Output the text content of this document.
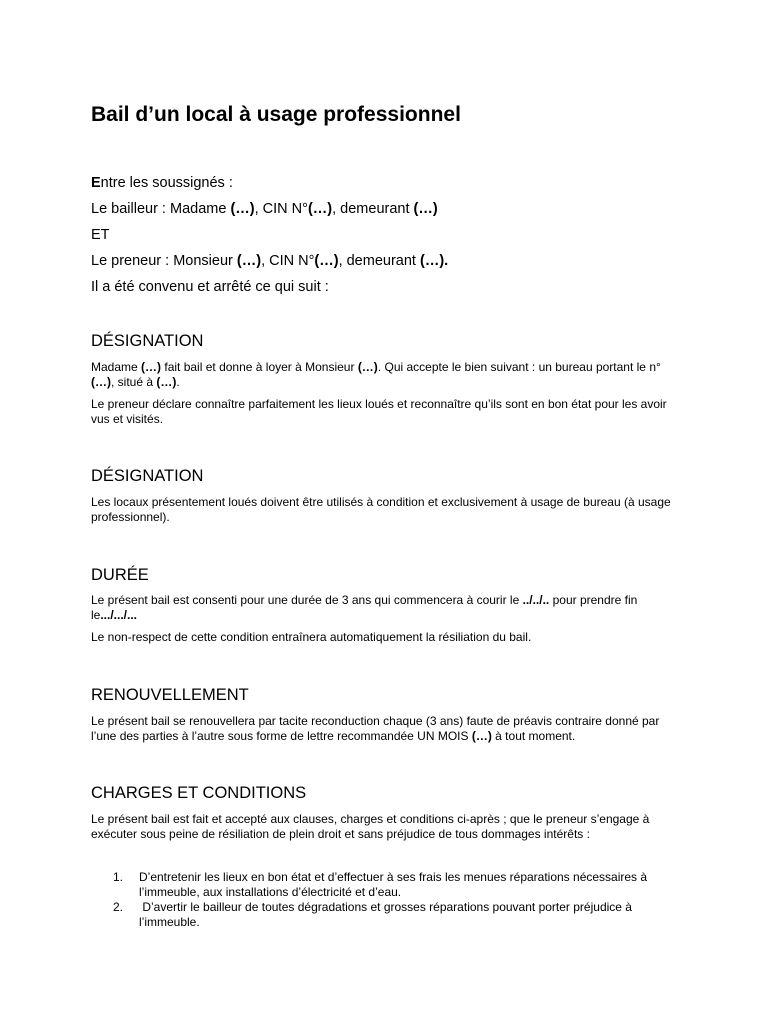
Bail d’un local à usage professionnel

Entre les soussignés :

Le bailleur : Madame (…), CIN N°(…), demeurant (…)

ET

Le preneur : Monsieur (…), CIN N°(…), demeurant (…).

Il a été convenu et arrêté ce qui suit :

DÉSIGNATION

Madame (…) fait bail et donne à loyer à Monsieur (…). Qui accepte le bien suivant : un bureau portant le n°(…), situé à (…).

Le preneur déclare connaître parfaitement les lieux loués et reconnaître qu’ils sont en bon état pour les avoir vus et visités.

DÉSIGNATION

Les locaux présentement loués doivent être utilisés à condition et exclusivement à usage de bureau (à usage professionnel).

DURÉE

Le présent bail est consenti pour une durée de 3 ans qui commencera à courir le ../../.. pour prendre fin le.../.../...

Le non-respect de cette condition entraînera automatiquement la résiliation du bail.

RENOUVELLEMENT

Le présent bail se renouvellera par tacite reconduction chaque (3 ans) faute de préavis contraire donné par l’une des parties à l’autre sous forme de lettre recommandée UN MOIS (…) à tout moment.

CHARGES ET CONDITIONS

Le présent bail est fait et accepté aux clauses, charges et conditions ci-après ; que le preneur s’engage à exécuter sous peine de résiliation de plein droit et sans préjudice de tous dommages intérêts :

1. D’entretenir les lieux en bon état et d’effectuer à ses frais les menues réparations nécessaires à l’immeuble, aux installations d’électricité et d’eau.
2. D’avertir le bailleur de toutes dégradations et grosses réparations pouvant porter préjudice à l’immeuble.
